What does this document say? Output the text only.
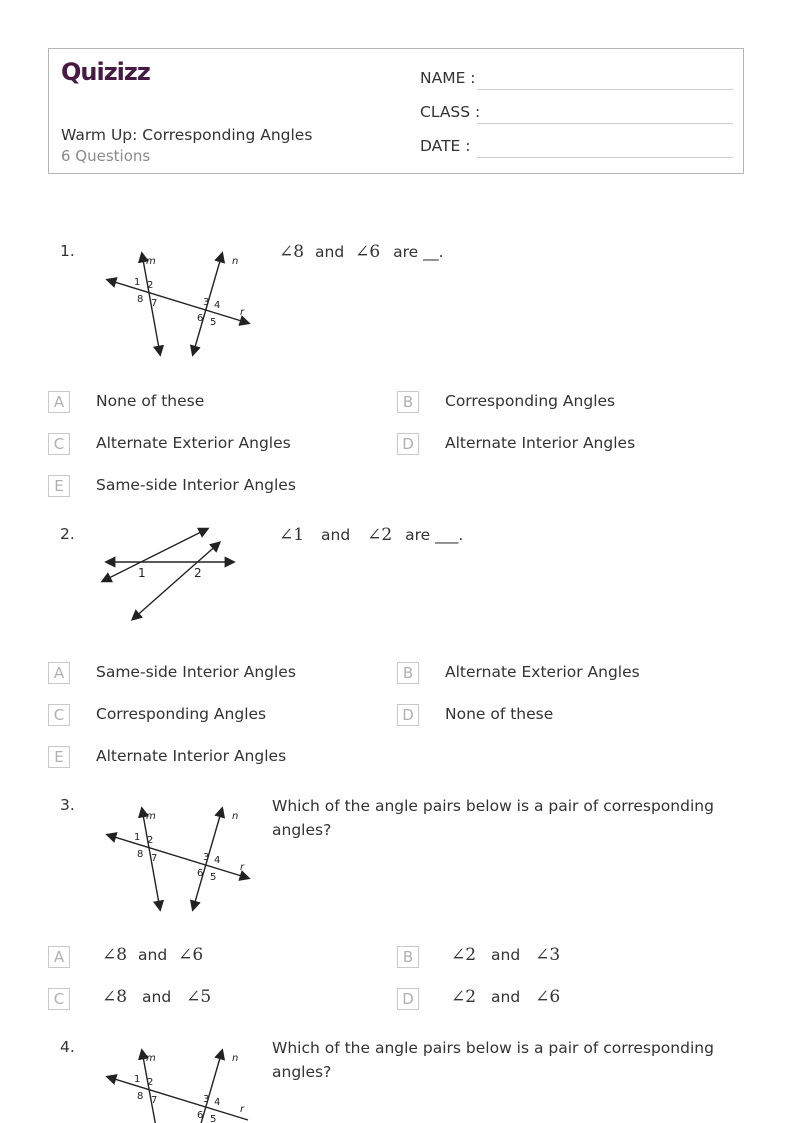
Quizizz
Warm Up: Corresponding Angles
6 Questions
NAME :
CLASS :
DATE :
1.
m	n
r
1 2
8 7	3 4
6 5
∠8 and ∠6 are __.
A	None of these	B	Corresponding Angles
C	Alternate Exterior Angles	D	Alternate Interior Angles
E	Same-side Interior Angles
2.
1	2
∠1 and ∠2 are ___.
A	Same-side Interior Angles	B	Alternate Exterior Angles
C	Corresponding Angles	D	None of these
E	Alternate Interior Angles
3.
m	n
r
1 2
8 7	3 4
6 5
Which of the angle pairs below is a pair of corresponding
angles?
A	∠8 and ∠6	B	∠2 and ∠3
C	∠8 and ∠5	D	∠2 and ∠6
4.
m	n
r
1 2
8 7	3 4
6 5
Which of the angle pairs below is a pair of corresponding
angles?
